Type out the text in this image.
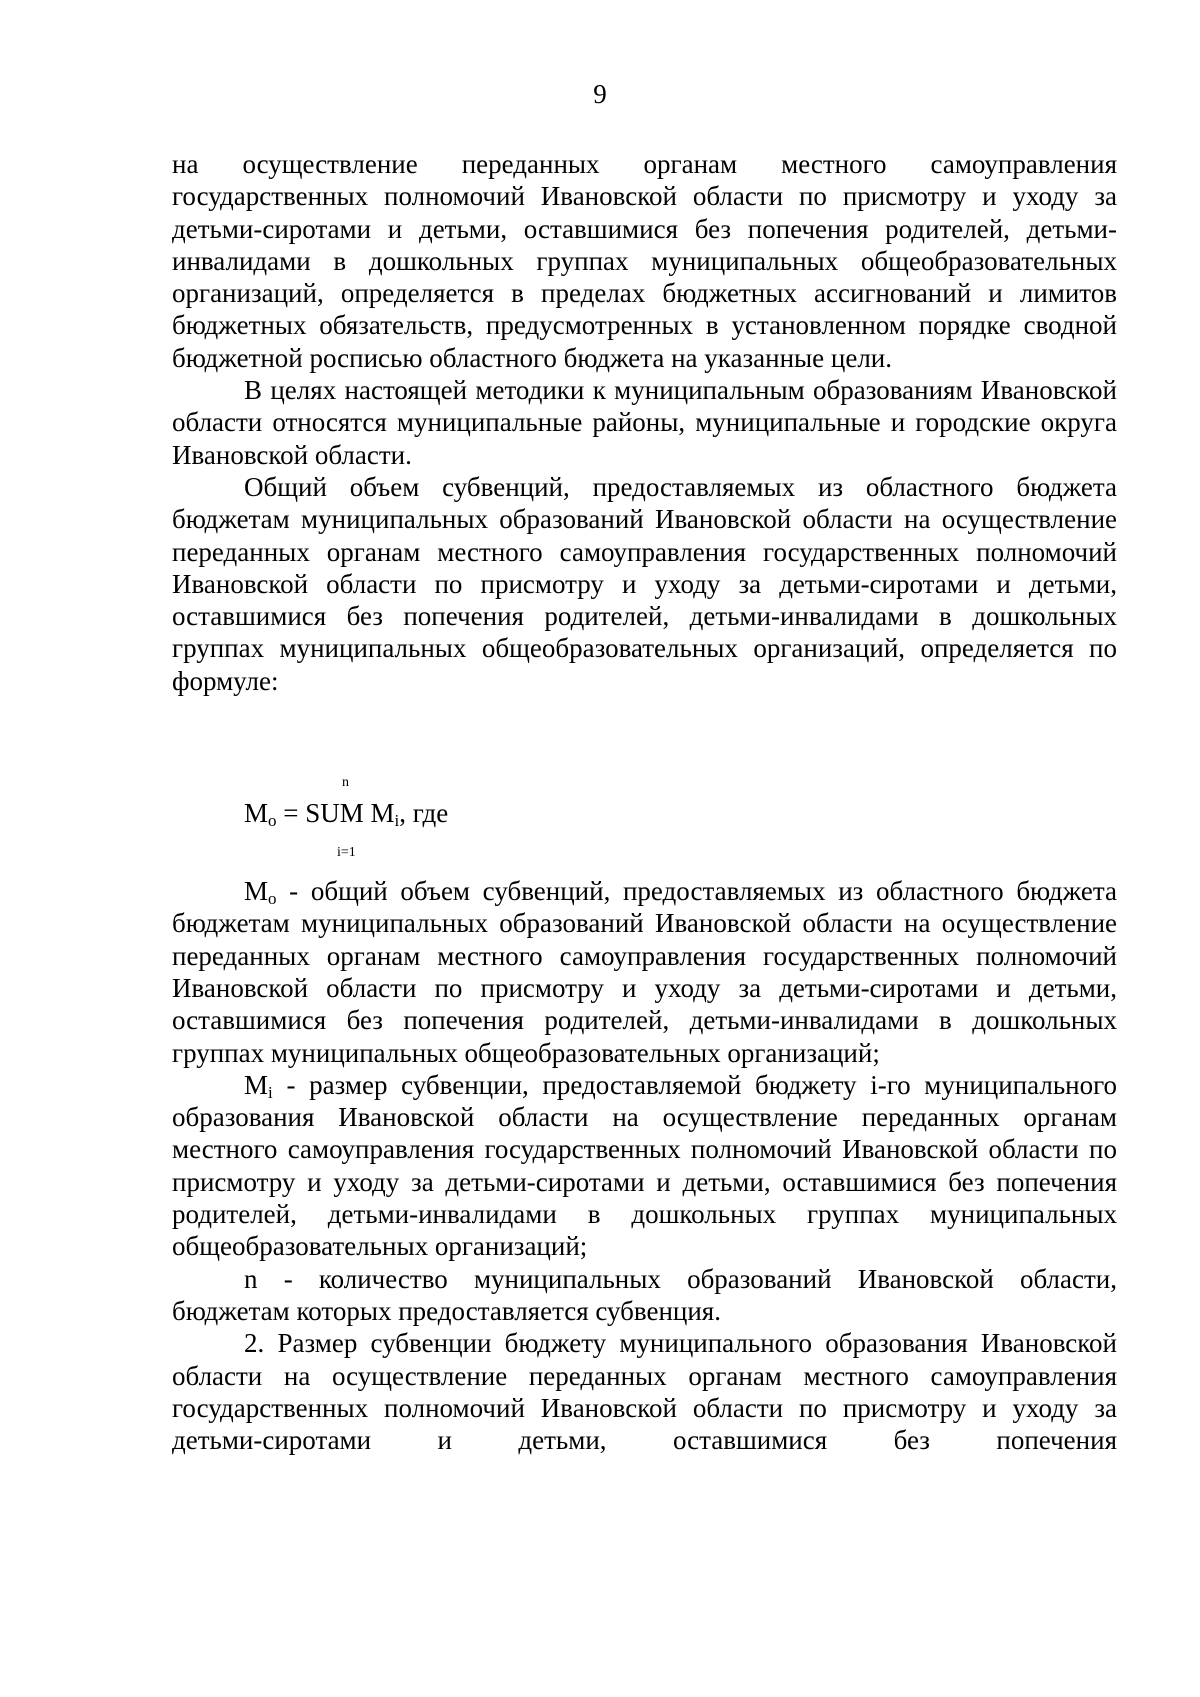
9

на осуществление переданных органам местного самоуправления государственных полномочий Ивановской области по присмотру и уходу за детьми-сиротами и детьми, оставшимися без попечения родителей, детьми-инвалидами в дошкольных группах муниципальных общеобразовательных организаций, определяется в пределах бюджетных ассигнований и лимитов бюджетных обязательств, предусмотренных в установленном порядке сводной бюджетной росписью областного бюджета на указанные цели.

В целях настоящей методики к муниципальным образованиям Ивановской области относятся муниципальные районы, муниципальные и городские округа Ивановской области.

Общий объем субвенций, предоставляемых из областного бюджета бюджетам муниципальных образований Ивановской области на осуществление переданных органам местного самоуправления государственных полномочий Ивановской области по присмотру и уходу за детьми-сиротами и детьми, оставшимися без попечения родителей, детьми-инвалидами в дошкольных группах муниципальных общеобразовательных организаций, определяется по формуле:

n
$M_o$ = SUM $M_i$, где
i=1

$M_o$ - общий объем субвенций, предоставляемых из областного бюджета бюджетам муниципальных образований Ивановской области на осуществление переданных органам местного самоуправления государственных полномочий Ивановской области по присмотру и уходу за детьми-сиротами и детьми, оставшимися без попечения родителей, детьми-инвалидами в дошкольных группах муниципальных общеобразовательных организаций;

$M_i$ - размер субвенции, предоставляемой бюджету i-го муниципального образования Ивановской области на осуществление переданных органам местного самоуправления государственных полномочий Ивановской области по присмотру и уходу за детьми-сиротами и детьми, оставшимися без попечения родителей, детьми-инвалидами в дошкольных группах муниципальных общеобразовательных организаций;

n - количество муниципальных образований Ивановской области, бюджетам которых предоставляется субвенция.

2. Размер субвенции бюджету муниципального образования Ивановской области на осуществление переданных органам местного самоуправления государственных полномочий Ивановской области по присмотру и уходу за детьми-сиротами и детьми, оставшимися без попечения
